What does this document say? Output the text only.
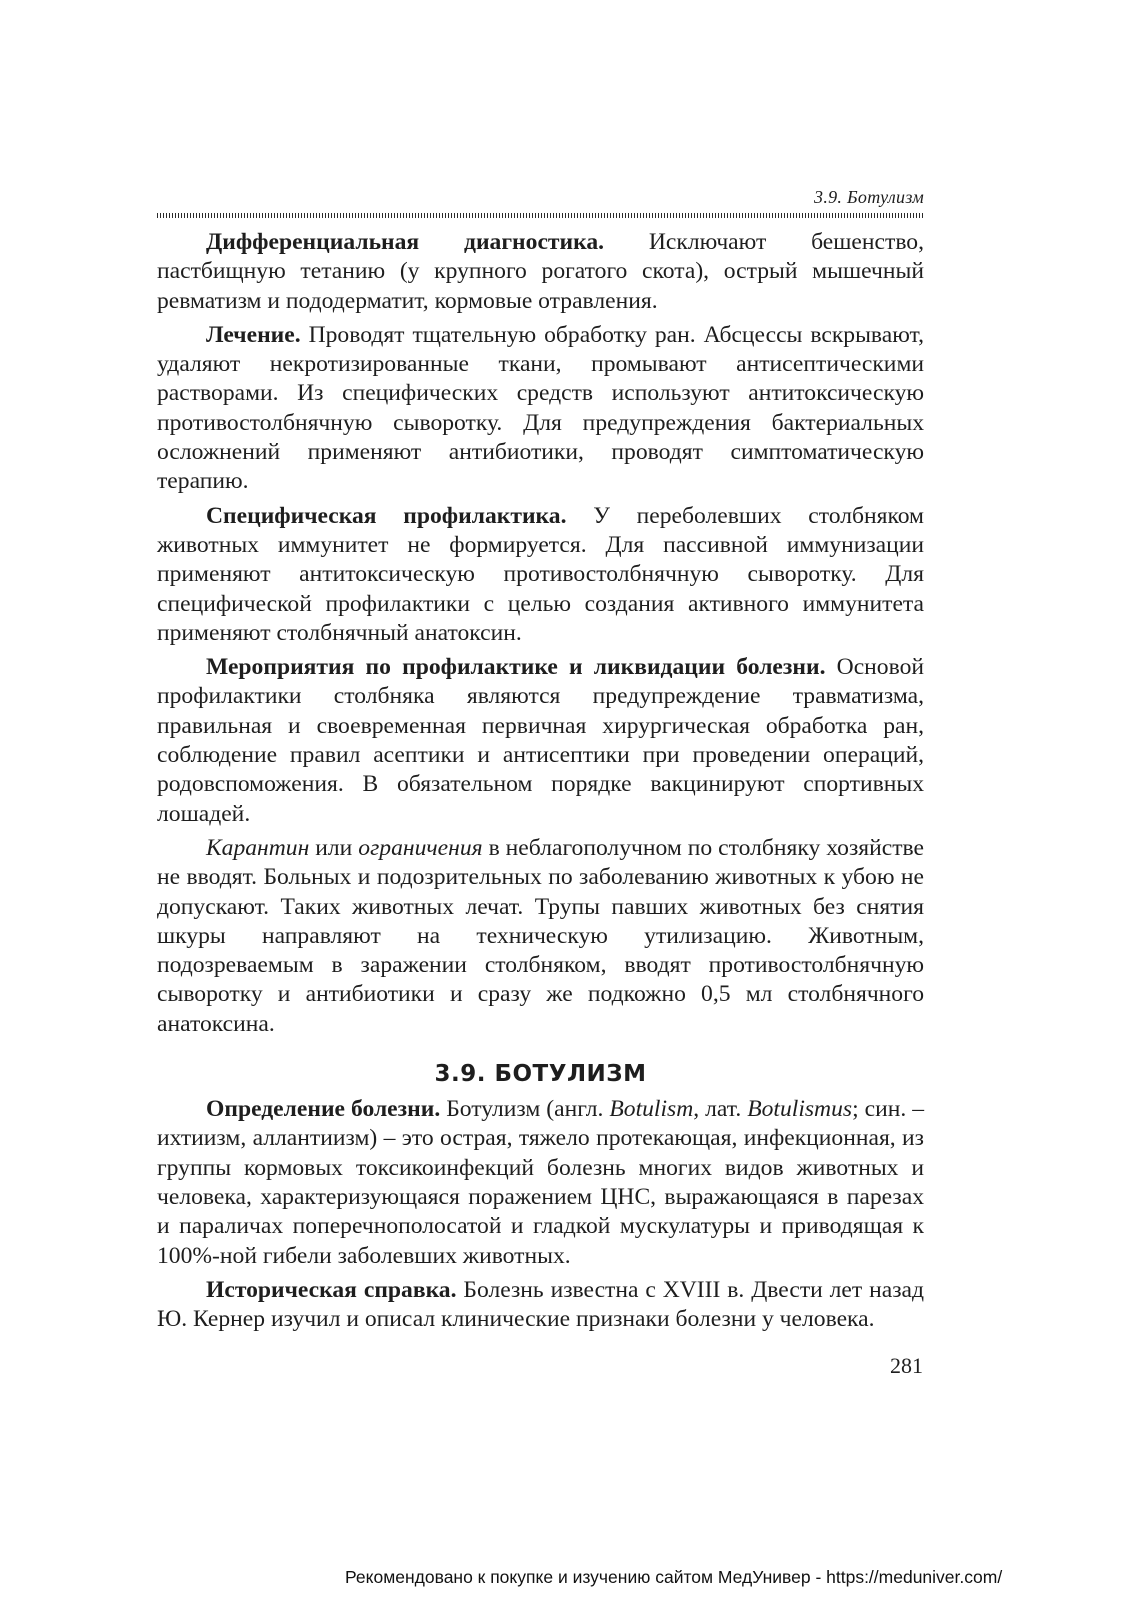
3.9. Ботулизм

Дифференциальная диагностика. Исключают бешенство, пастбищную тетанию (у крупного рогатого скота), острый мышечный ревматизм и пододерматит, кормовые отравления.

Лечение. Проводят тщательную обработку ран. Абсцессы вскрывают, удаляют некротизированные ткани, промывают антисептическими растворами. Из специфических средств используют антитоксическую противостолбнячную сыворотку. Для предупреждения бактериальных осложнений применяют антибиотики, проводят симптоматическую терапию.

Специфическая профилактика. У переболевших столбняком животных иммунитет не формируется. Для пассивной иммунизации применяют антитоксическую противостолбнячную сыворотку. Для специфической профилактики с целью создания активного иммунитета применяют столбнячный анатоксин.

Мероприятия по профилактике и ликвидации болезни. Основой профилактики столбняка являются предупреждение травматизма, правильная и своевременная первичная хирургическая обработка ран, соблюдение правил асептики и антисептики при проведении операций, родовспоможения. В обязательном порядке вакцинируют спортивных лошадей.

Карантин или ограничения в неблагополучном по столбняку хозяйстве не вводят. Больных и подозрительных по заболеванию животных к убою не допускают. Таких животных лечат. Трупы павших животных без снятия шкуры направляют на техническую утилизацию. Животным, подозреваемым в заражении столбняком, вводят противостолбнячную сыворотку и антибиотики и сразу же подкожно 0,5 мл столбнячного анатоксина.

3.9. БОТУЛИЗМ

Определение болезни. Ботулизм (англ. Botulism, лат. Botulismus; син. – ихтиизм, аллантиизм) – это острая, тяжело протекающая, инфекционная, из группы кормовых токсикоинфекций болезнь многих видов животных и человека, характеризующаяся поражением ЦНС, выражающаяся в парезах и параличах поперечнополосатой и гладкой мускулатуры и приводящая к 100%-ной гибели заболевших животных.

Историческая справка. Болезнь известна с XVIII в. Двести лет назад Ю. Кернер изучил и описал клинические признаки болезни у человека.

281
Рекомендовано к покупке и изучению сайтом МедУнивер - https://meduniver.com/
